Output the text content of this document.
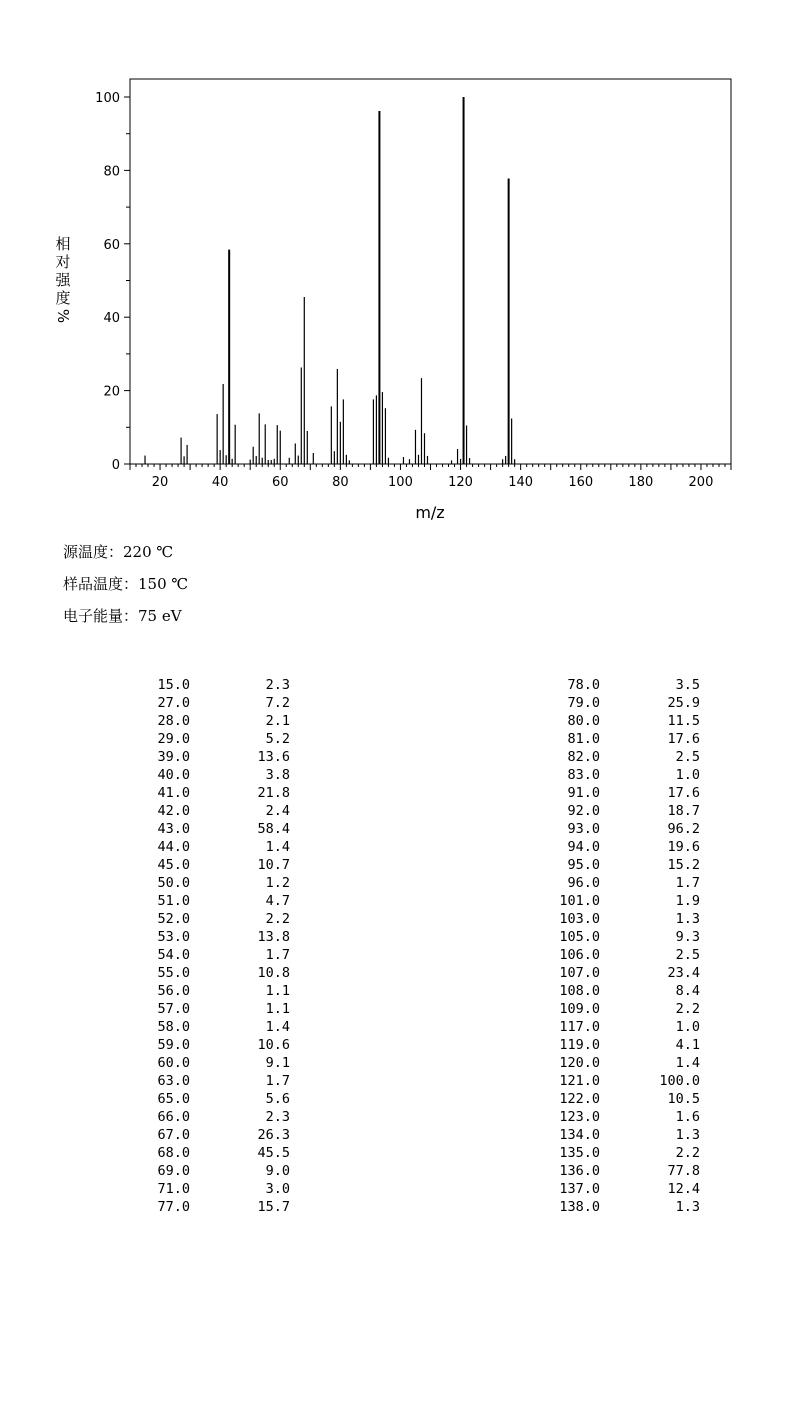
0
20
40
60
80
100
20	40	60	80	100	120	140	160	180	200
m/z
相
对
强
度
%
源温度：220 ℃
样品温度：150 ℃
电子能量：75 eV
15.0	2.3
27.0	7.2
28.0	2.1
29.0	5.2
39.0	13.6
40.0	3.8
41.0	21.8
42.0	2.4
43.0	58.4
44.0	1.4
45.0	10.7
50.0	1.2
51.0	4.7
52.0	2.2
53.0	13.8
54.0	1.7
55.0	10.8
56.0	1.1
57.0	1.1
58.0	1.4
59.0	10.6
60.0	9.1
63.0	1.7
65.0	5.6
66.0	2.3
67.0	26.3
68.0	45.5
69.0	9.0
71.0	3.0
77.0	15.7
78.0	3.5
79.0	25.9
80.0	11.5
81.0	17.6
82.0	2.5
83.0	1.0
91.0	17.6
92.0	18.7
93.0	96.2
94.0	19.6
95.0	15.2
96.0	1.7
101.0	1.9
103.0	1.3
105.0	9.3
106.0	2.5
107.0	23.4
108.0	8.4
109.0	2.2
117.0	1.0
119.0	4.1
120.0	1.4
121.0	100.0
122.0	10.5
123.0	1.6
134.0	1.3
135.0	2.2
136.0	77.8
137.0	12.4
138.0	1.3
